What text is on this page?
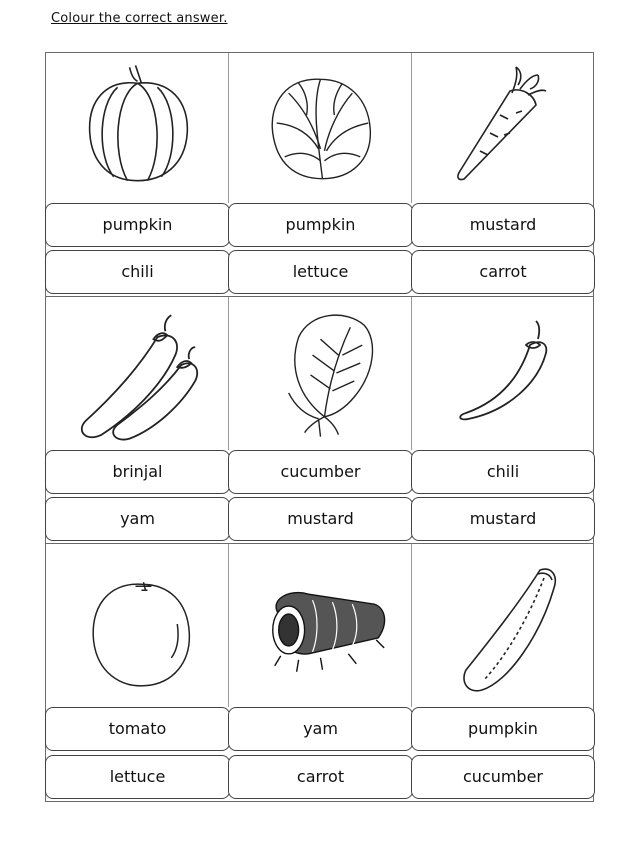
Colour the correct answer.
pumpkin	pumpkin	mustard
chili	lettuce	carrot
brinjal	cucumber	chili
yam	mustard	mustard
tomato	yam	pumpkin
lettuce	carrot	cucumber
